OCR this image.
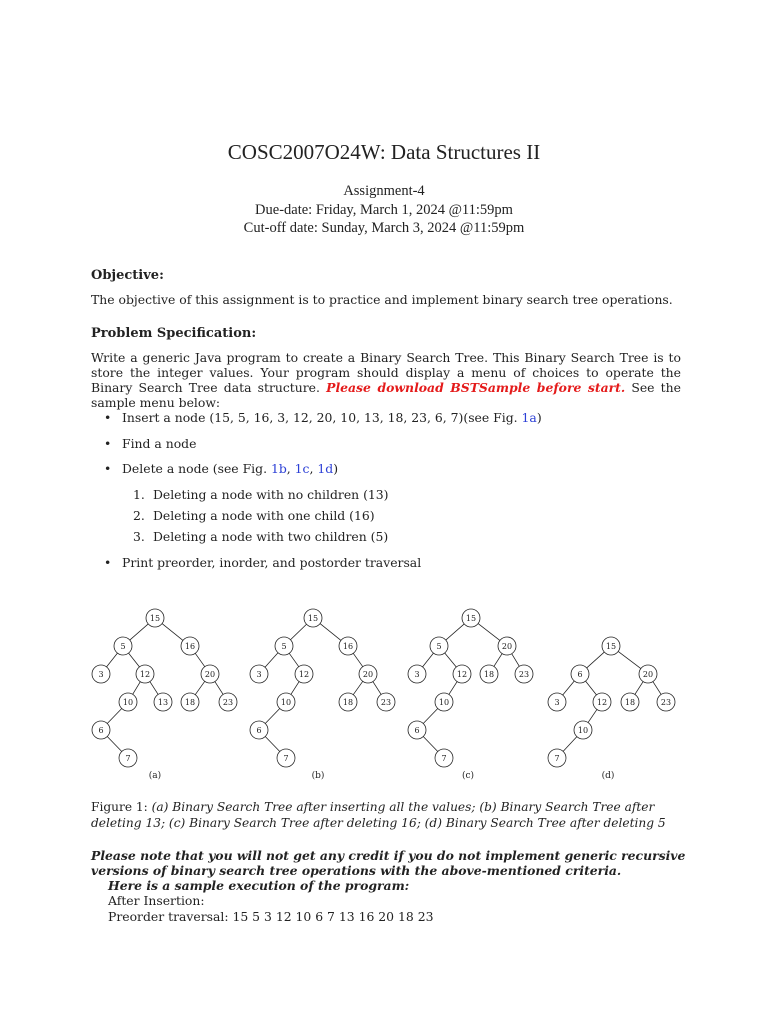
COSC2007O24W: Data Structures II
Assignment-4
Due-date: Friday, March 1, 2024 @11:59pm
Cut-off date: Sunday, March 3, 2024 @11:59pm
Objective:
The objective of this assignment is to practice and implement binary search tree operations.
Problem Specification:
Write a generic Java program to create a Binary Search Tree. This Binary Search Tree is to store the integer values. Your program should display a menu of choices to operate the Binary Search Tree data structure. Please download BSTSample before start. See the sample menu below:
• Insert a node (15, 5, 16, 3, 12, 20, 10, 13, 18, 23, 6, 7)(see Fig. 1a)
• Find a node
• Delete a node (see Fig. 1b, 1c, 1d)
1. Deleting a node with no children (13)
2. Deleting a node with one child (16)
3. Deleting a node with two children (5)
• Print preorder, inorder, and postorder traversal
15
5	16
3	12	20
10	13 18	23
6
7
(a)
15
5	16
3	12	20
10	18	23
6
7
(b)
15
5	20
3	12 18	23
10
6
7
(c)
15
6	20
3	12 18	23
10
7
(d)
Figure 1: (a) Binary Search Tree after inserting all the values; (b) Binary Search Tree after deleting 13; (c) Binary Search Tree after deleting 16; (d) Binary Search Tree after deleting 5
Please note that you will not get any credit if you do not implement generic recursive versions of binary search tree operations with the above-mentioned criteria.
Here is a sample execution of the program:
After Insertion:
Preorder traversal: 15 5 3 12 10 6 7 13 16 20 18 23
